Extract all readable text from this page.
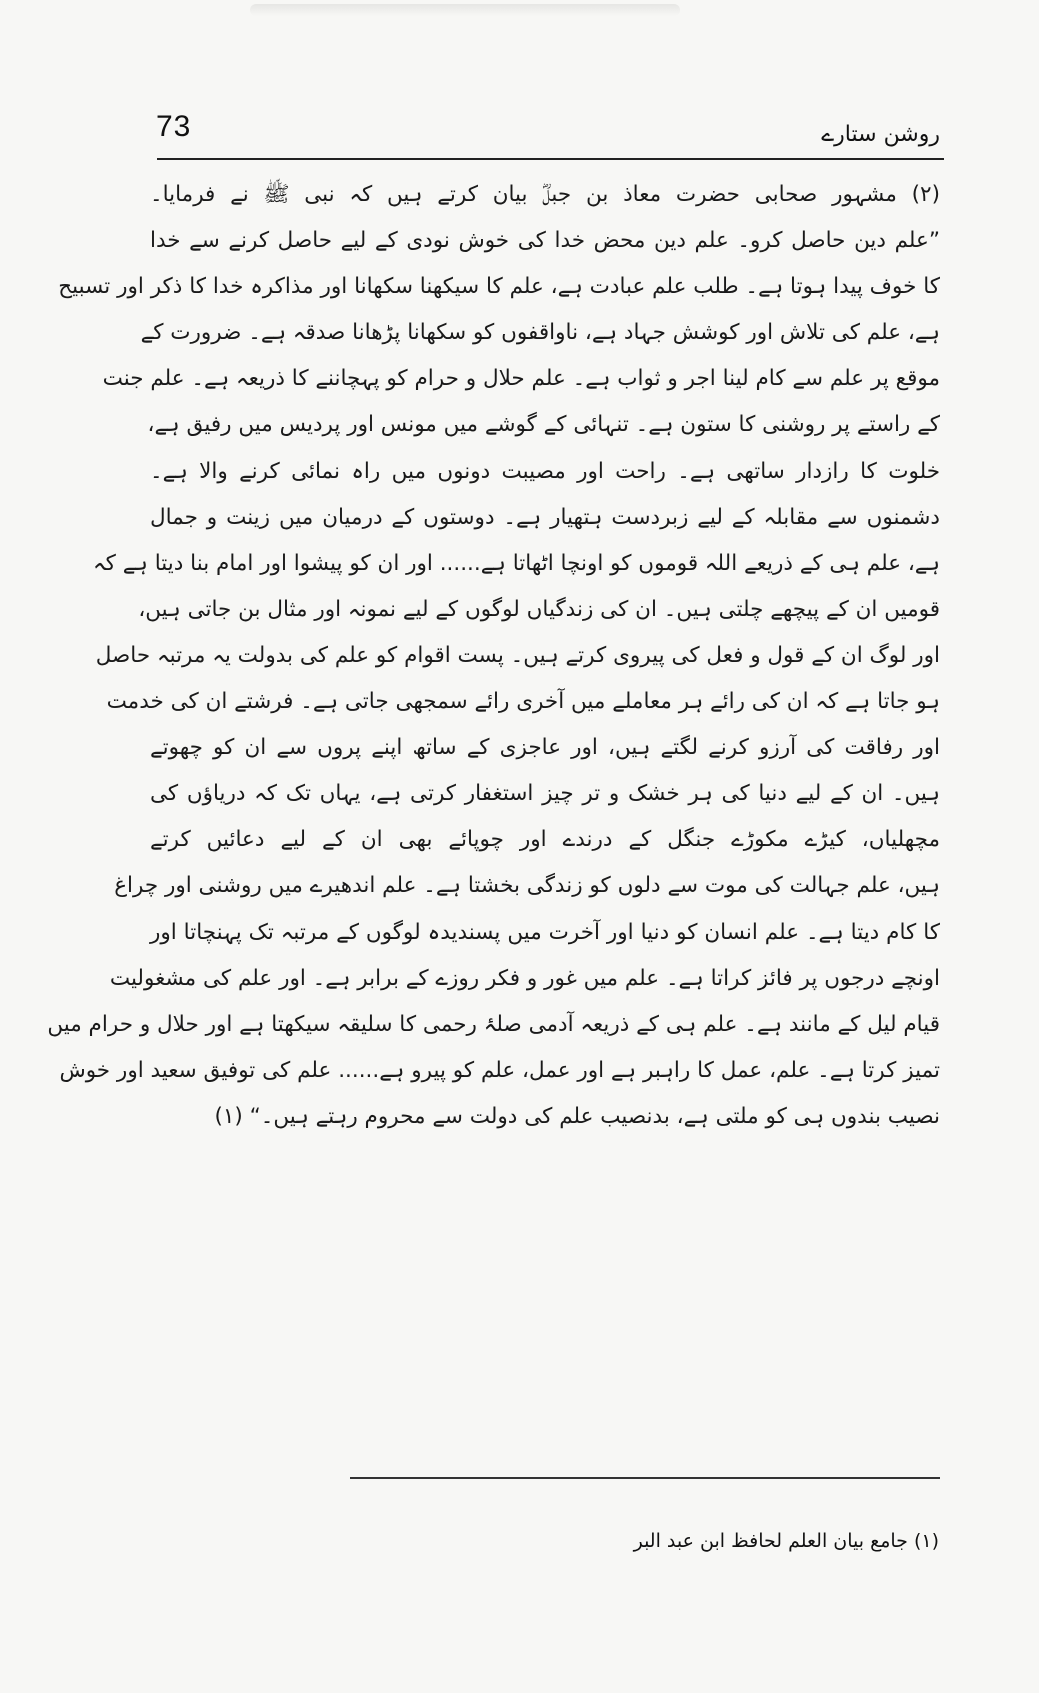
73	روشن ستارے
(۲) مشہور صحابی حضرت معاذ بن جبلؓ بیان کرتے ہیں کہ نبی ﷺ نے فرمایا۔
”علم دین حاصل کرو۔ علم دین محض خدا کی خوش نودی کے لیے حاصل کرنے سے خدا
کا خوف پیدا ہوتا ہے۔ طلب علم عبادت ہے، علم کا سیکھنا سکھانا اور مذاکرہ خدا کا ذکر اور تسبیح
ہے، علم کی تلاش اور کوشش جہاد ہے، ناواقفوں کو سکھانا پڑھانا صدقہ ہے۔ ضرورت کے
موقع پر علم سے کام لینا اجر و ثواب ہے۔ علم حلال و حرام کو پہچاننے کا ذریعہ ہے۔ علم جنت
کے راستے پر روشنی کا ستون ہے۔ تنہائی کے گوشے میں مونس اور پردیس میں رفیق ہے،
خلوت کا رازدار ساتھی ہے۔ راحت اور مصیبت دونوں میں راہ نمائی کرنے والا ہے۔
دشمنوں سے مقابلہ کے لیے زبردست ہتھیار ہے۔ دوستوں کے درمیان میں زینت و جمال
ہے، علم ہی کے ذریعے اللہ قوموں کو اونچا اٹھاتا ہے...... اور ان کو پیشوا اور امام بنا دیتا ہے کہ
قومیں ان کے پیچھے چلتی ہیں۔ ان کی زندگیاں لوگوں کے لیے نمونہ اور مثال بن جاتی ہیں،
اور لوگ ان کے قول و فعل کی پیروی کرتے ہیں۔ پست اقوام کو علم کی بدولت یہ مرتبہ حاصل
ہو جاتا ہے کہ ان کی رائے ہر معاملے میں آخری رائے سمجھی جاتی ہے۔ فرشتے ان کی خدمت
اور رفاقت کی آرزو کرنے لگتے ہیں، اور عاجزی کے ساتھ اپنے پروں سے ان کو چھوتے
ہیں۔ ان کے لیے دنیا کی ہر خشک و تر چیز استغفار کرتی ہے، یہاں تک کہ دریاؤں کی
مچھلیاں، کیڑے مکوڑے جنگل کے درندے اور چوپائے بھی ان کے لیے دعائیں کرتے
ہیں، علم جہالت کی موت سے دلوں کو زندگی بخشتا ہے۔ علم اندھیرے میں روشنی اور چراغ
کا کام دیتا ہے۔ علم انسان کو دنیا اور آخرت میں پسندیدہ لوگوں کے مرتبہ تک پہنچاتا اور
اونچے درجوں پر فائز کراتا ہے۔ علم میں غور و فکر روزے کے برابر ہے۔ اور علم کی مشغولیت
قیام لیل کے مانند ہے۔ علم ہی کے ذریعہ آدمی صلۂ رحمی کا سلیقہ سیکھتا ہے اور حلال و حرام میں
تمیز کرتا ہے۔ علم، عمل کا راہبر ہے اور عمل، علم کو پیرو ہے...... علم کی توفیق سعید اور خوش
نصیب بندوں ہی کو ملتی ہے، بدنصیب علم کی دولت سے محروم رہتے ہیں۔“ (۱)
(۱) جامع بیان العلم لحافظ ابن عبد البر
